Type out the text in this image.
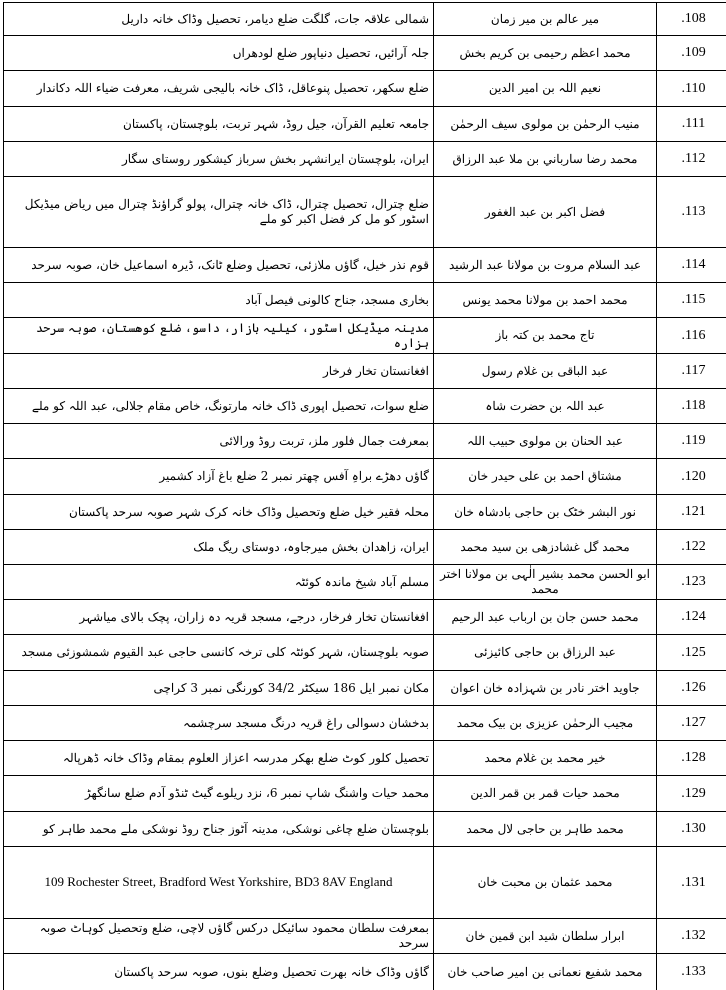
شمالی علاقہ جات، گلگت ضلع دیامر، تحصیل وڈاک خانہ داریل	میر عالم بن میر زمان	.108
جلہ آرائیں، تحصیل دنیاپور ضلع لودھراں	محمد اعظم رحیمی بن کریم بخش	.109
ضلع سکھر، تحصیل پنوعاقل، ڈاک خانہ بالیجی شریف، معرفت ضیاء اللہ دکاندار	نعیم اللہ بن امیر الدین	.110
جامعہ تعلیم القرآن، جیل روڈ، شہر تربت، بلوچستان، پاکستان	منیب الرحمٰن بن مولوی سیف الرحمٰن	.111
ایران، بلوچستان ایرانشہر بخش سرباز کیشکور روستای سگار	محمد رضا سارباني بن ملا عبد الرزاق	.112
ضلع چترال، تحصیل چترال، ڈاک خانہ چترال، پولو گراؤنڈ چترال میں ریاض میڈیکل اسٹور کو مل کر فضل اکبر کو ملے	فضل اکبر بن عبد الغفور	.113
قوم نذر خیل، گاؤں ملازئی، تحصیل وضلع ٹانک، ڈیرہ اسماعیل خان، صوبہ سرحد	عبد السلام مروت بن مولانا عبد الرشید	.114
بخاری مسجد، جناح کالونی فیصل آباد	محمد احمد بن مولانا محمد یونس	.115
مدینہ میڈیکل اسٹور، کیلیہ بازار، داسو، ضلع کوھستان، صوبہ سرحد ہزارہ	تاج محمد بن کتہ باز	.116
افغانستان تخار فرخار	عبد الباقی بن غلام رسول	.117
ضلع سوات، تحصیل اپوری ڈاک خانہ مارتونگ، خاص مقام جلالی، عبد اللہ کو ملے	عبد اللہ بن حضرت شاہ	.118
بمعرفت جمال فلور ملز، تربت روڈ ورالائی	عبد الحنان بن مولوی حبیب اللہ	.119
گاؤں دھڑے براہِ آفس چھتر نمبر 2 ضلع باغ آزاد کشمیر	مشتاق احمد بن علی حیدر خان	.120
محلہ فقیر خیل ضلع وتحصیل وڈاک خانہ کرک شہر صوبہ سرحد پاکستان	نور البشر خٹک بن حاجی بادشاہ خان	.121
ایران، زاھدان بخش میرجاوہ، دوستای ریگ ملک	محمد گل غشادزھی بن سید محمد	.122
مسلم آباد شیخ ماندہ کوئٹہ	ابو الحسن محمد بشیر الٰہی بن مولانا اختر محمد	.123
افغانستان تخار فرخار، درجے، مسجد قریہ دہ زاران، پچک بالای میاشہر	محمد حسن جان بن ارباب عبد الرحیم	.124
صوبہ بلوچستان، شہر کوئٹہ کلی ترخہ کانسی حاجی عبد القیوم شمشوزئی مسجد	عبد الرزاق بن حاجی کائیزئی	.125
مکان نمبر ایل 186 سیکٹر 34/2 کورنگی نمبر 3 کراچی	جاوید اختر نادر بن شہزادہ خان اعوان	.126
بدخشان دسوالی راغ قریہ درنگ مسجد سرچشمہ	مجیب الرحمٰن عزیزی بن بیک محمد	.127
تحصیل کلور کوٹ ضلع بھکر مدرسہ اعزاز العلوم بمقام وڈاک خانہ ڈھرپالہ	خیر محمد بن غلام محمد	.128
محمد حیات واشنگ شاپ نمبر 6، نزد ریلوے گیٹ ٹنڈو آدم ضلع سانگھڑ	محمد حیات قمر بن قمر الدین	.129
بلوچستان ضلع چاغی نوشکی، مدینہ آٹوز جناح روڈ نوشکی ملے محمد طاہر کو	محمد طاہر بن حاجی لال محمد	.130
109 Rochester Street, Bradford West Yorkshire, BD3 8AV England	محمد عثمان بن محبت خان	.131
بمعرفت سلطان محمود سائیکل درکس گاؤں لاچی، ضلع وتحصیل کوہاٹ صوبہ سرحد	ابرار سلطان شید ابن قمین خان	.132
گاؤں وڈاک خانہ بھرت تحصیل وضلع بنوں، صوبہ سرحد پاکستان	محمد شفیع نعمانی بن امیر صاحب خان	.133
